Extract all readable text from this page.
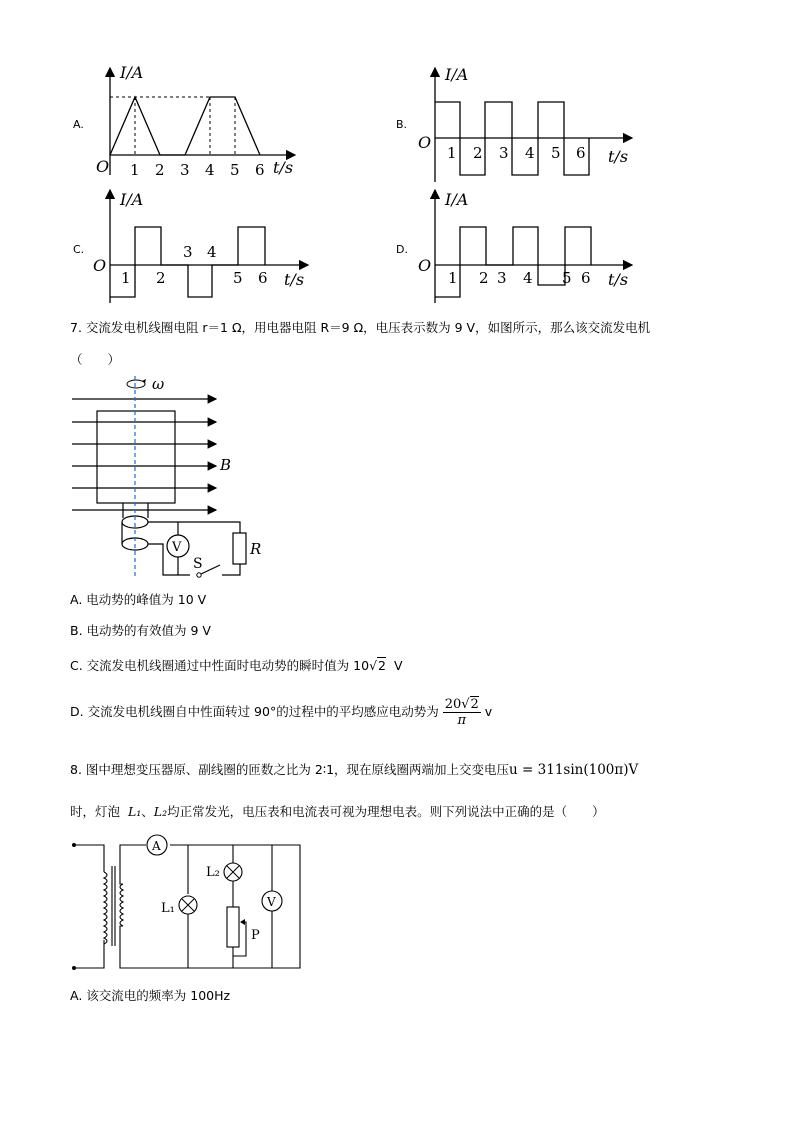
A.
I/A
O	t/s
1 2 3 4 5 6
B.
I/A
O
t/s
1 2 3 4 5 6
C.
I/A
O
t/s
1 2
3 4
5 6
D.
I/A
O
t/s
1 2 3 4 5 6
7. 交流发电机线圈电阻 r＝1 Ω，用电器电阻 R＝9 Ω，电压表示数为 9 V，如图所示，那么该交流发电机
（　　）
ω
B
V
S
R
A. 电动势的峰值为 10 V
B. 电动势的有效值为 9 V
C. 交流发电机线圈通过中性面时电动势的瞬时值为 10√2 V
D. 交流发电机线圈自中性面转过 90°的过程中的平均感应电动势为 $\frac{20√2}{\pi}$ v
8. 图中理想变压器原、副线圈的匝数之比为 2∶1，现在原线圈两端加上交变电压u = 311sin(100π)V
时，灯泡 L₁、L₂均正常发光，电压表和电流表可视为理想电表。则下列说法中正确的是（　　）
A
L₁
L₂
P
V
A. 该交流电的频率为 100Hz
